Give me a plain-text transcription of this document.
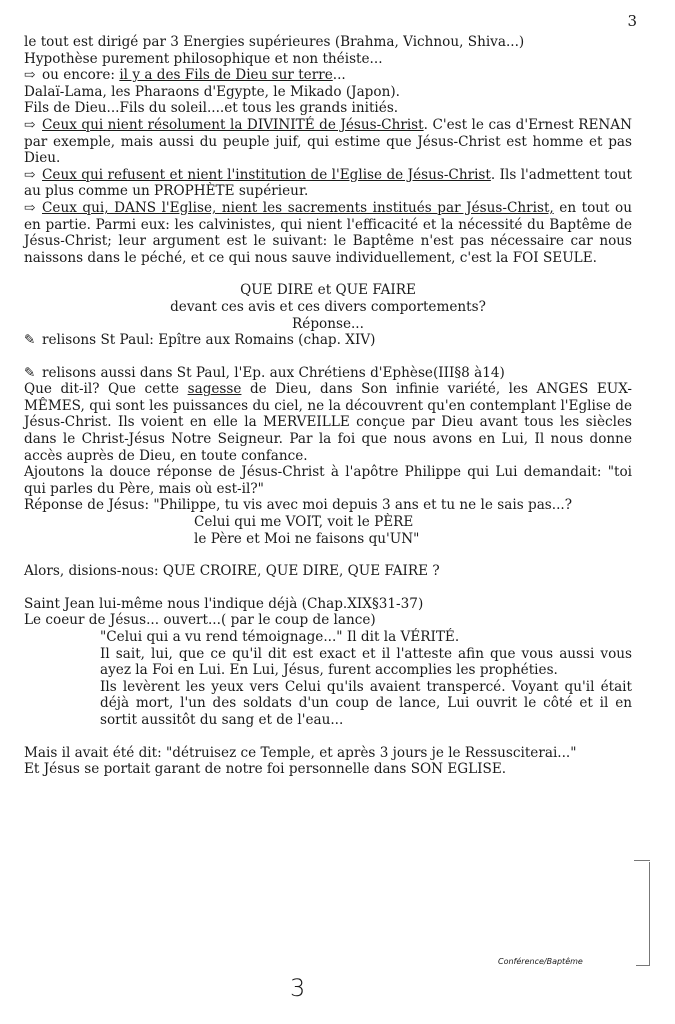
3

le tout est dirigé par 3 Energies supérieures (Brahma, Vichnou, Shiva...)

Hypothèse purement philosophique et non théiste...

⇨ ou encore: il y a des Fils de Dieu sur terre...

Dalaï-Lama, les Pharaons d'Egypte, le Mikado (Japon).

Fils de Dieu...Fils du soleil....et tous les grands initiés.

⇨ Ceux qui nient résolument la DIVINITÉ de Jésus-Christ. C'est le cas d'Ernest RENAN par exemple, mais aussi du peuple juif, qui estime que Jésus-Christ est homme et pas Dieu.

⇨ Ceux qui refusent et nient l'institution de l'Eglise de Jésus-Christ. Ils l'admettent tout au plus comme un PROPHÈTE supérieur.

⇨ Ceux qui, DANS l'Eglise, nient les sacrements institués par Jésus-Christ, en tout ou en partie. Parmi eux: les calvinistes, qui nient l'efficacité et la nécessité du Baptême de Jésus-Christ; leur argument est le suivant: le Baptême n'est pas nécessaire car nous naissons dans le péché, et ce qui nous sauve individuellement, c'est la FOI SEULE.

QUE DIRE et QUE FAIRE

devant ces avis et ces divers comportements?

Réponse...

✎ relisons St Paul: Epître aux Romains (chap. XIV)

✎ relisons aussi dans St Paul, l'Ep. aux Chrétiens d'Ephèse(III§8 à14)

Que dit-il? Que cette sagesse de Dieu, dans Son infinie variété, les ANGES EUX-MÊMES, qui sont les puissances du ciel, ne la découvrent qu'en contemplant l'Eglise de Jésus-Christ. Ils voient en elle la MERVEILLE conçue par Dieu avant tous les siècles dans le Christ-Jésus Notre Seigneur. Par la foi que nous avons en Lui, Il nous donne accès auprès de Dieu, en toute confance.

Ajoutons la douce réponse de Jésus-Christ à l'apôtre Philippe qui Lui demandait: "toi qui parles du Père, mais où est-il?"

Réponse de Jésus: "Philippe, tu vis avec moi depuis 3 ans et tu ne le sais pas...?

Celui qui me VOIT, voit le PÈRE

le Père et Moi ne faisons qu'UN"

Alors, disions-nous: QUE CROIRE, QUE DIRE, QUE FAIRE ?

Saint Jean lui-même nous l'indique déjà (Chap.XIX§31-37)

Le coeur de Jésus... ouvert...( par le coup de lance)

"Celui qui a vu rend témoignage..." Il dit la VÉRITÉ.

Il sait, lui, que ce qu'il dit est exact et il l'atteste afin que vous aussi vous ayez la Foi en Lui. En Lui, Jésus, furent accomplies les prophéties.

Ils levèrent les yeux vers Celui qu'ils avaient transpercé. Voyant qu'il était déjà mort, l'un des soldats d'un coup de lance, Lui ouvrit le côté et il en sortit aussitôt du sang et de l'eau...

Mais il avait été dit: "détruisez ce Temple, et après 3 jours je le Ressusciterai..."

Et Jésus se portait garant de notre foi personnelle dans SON EGLISE.

Conférence/Baptême
3
